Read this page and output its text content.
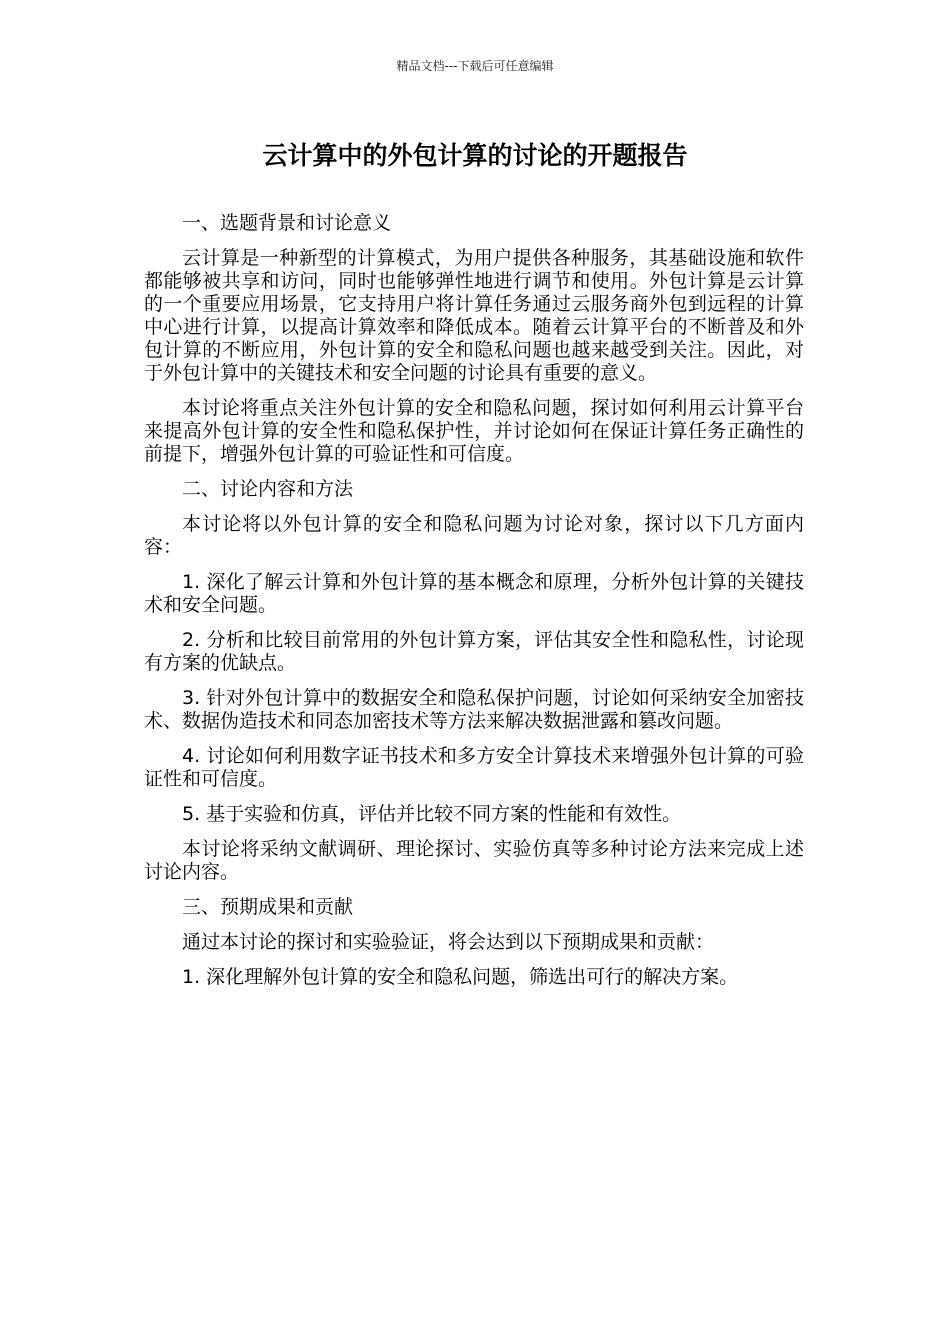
精品文档---下载后可任意编辑
云计算中的外包计算的讨论的开题报告

一、选题背景和讨论意义

云计算是一种新型的计算模式，为用户提供各种服务，其基础设施和软件都能够被共享和访问，同时也能够弹性地进行调节和使用。外包计算是云计算的一个重要应用场景，它支持用户将计算任务通过云服务商外包到远程的计算中心进行计算，以提高计算效率和降低成本。随着云计算平台的不断普及和外包计算的不断应用，外包计算的安全和隐私问题也越来越受到关注。因此，对于外包计算中的关键技术和安全问题的讨论具有重要的意义。

本讨论将重点关注外包计算的安全和隐私问题，探讨如何利用云计算平台来提高外包计算的安全性和隐私保护性，并讨论如何在保证计算任务正确性的前提下，增强外包计算的可验证性和可信度。

二、讨论内容和方法

本讨论将以外包计算的安全和隐私问题为讨论对象，探讨以下几方面内容：

1. 深化了解云计算和外包计算的基本概念和原理，分析外包计算的关键技术和安全问题。

2. 分析和比较目前常用的外包计算方案，评估其安全性和隐私性，讨论现有方案的优缺点。

3. 针对外包计算中的数据安全和隐私保护问题，讨论如何采纳安全加密技术、数据伪造技术和同态加密技术等方法来解决数据泄露和篡改问题。

4. 讨论如何利用数字证书技术和多方安全计算技术来增强外包计算的可验证性和可信度。

5. 基于实验和仿真，评估并比较不同方案的性能和有效性。

本讨论将采纳文献调研、理论探讨、实验仿真等多种讨论方法来完成上述讨论内容。

三、预期成果和贡献

通过本讨论的探讨和实验验证，将会达到以下预期成果和贡献：

1. 深化理解外包计算的安全和隐私问题，筛选出可行的解决方案。
